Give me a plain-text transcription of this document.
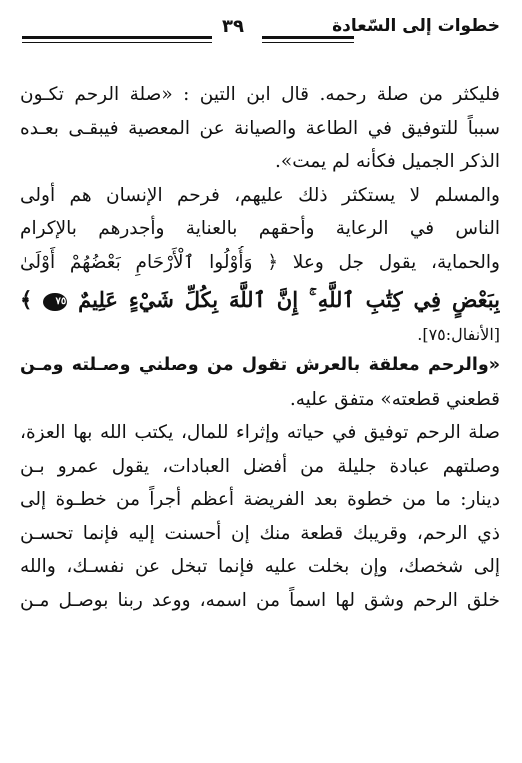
خطوات إلى السّعادة
٣٩
فليكثر من صلة رحمه. قال ابن التين : «صلة الرحم تكـون
سبباً للتوفيق في الطاعة والصيانة عن المعصية فيبقـى بعـده
الذكر الجميل فكأنه لم يمت».
والمسلم لا يستكثر ذلك عليهم، فرحم الإنسان هم أولى
الناس في الرعاية وأحقهم بالعناية وأجدرهم بالإكرام
والحماية، يقول جل وعلا ﴿ وَأُوْلُوا ٱلْأَرْحَامِ بَعْضُهُمْ أَوْلَىٰ
بِبَعْضٍ فِي كِتَٰبِ ٱللَّهِ ۚ إِنَّ ٱللَّهَ بِكُلِّ شَيْءٍ عَلِيمٌ ٧٥ ﴾
[الأنفال:٧٥].
«والرحم معلقة بالعرش تقول من وصلني وصـلته ومـن
قطعني قطعته» متفق عليه.
صلة الرحم توفيق في حياته وإثراء للمال، يكتب الله بها العزة،
وصلتهم عبادة جليلة من أفضل العبادات، يقول عمرو بـن
دينار: ما من خطوة بعد الفريضة أعظم أجراً من خطـوة إلى
ذي الرحم، وقريبك قطعة منك إن أحسنت إليه فإنما تحسـن
إلى شخصك، وإن بخلت عليه فإنما تبخل عن نفسـك، والله
خلق الرحم وشق لها اسماً من اسمه، ووعد ربنا بوصـل مـن
